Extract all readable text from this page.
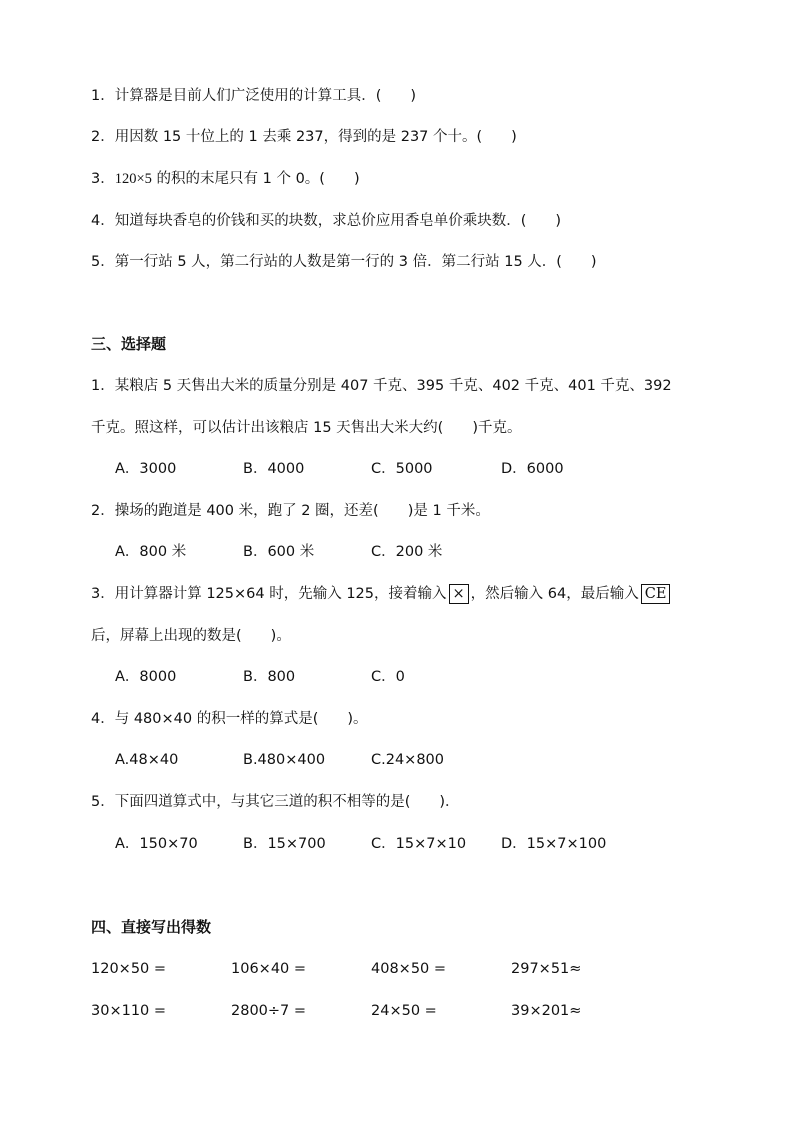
1．计算器是目前人们广泛使用的计算工具．(　　)
2．用因数 15 十位上的 1 去乘 237，得到的是 237 个十。(　　)
3．120×5 的积的末尾只有 1 个 0。(　　)
4．知道每块香皂的价钱和买的块数，求总价应用香皂单价乘块数．(　　)
5．第一行站 5 人，第二行站的人数是第一行的 3 倍．第二行站 15 人．(　　)
三、选择题
1．某粮店 5 天售出大米的质量分别是 407 千克、395 千克、402 千克、401 千克、392
千克。照这样，可以估计出该粮店 15 天售出大米大约(　　)千克。
A．3000	B．4000	C．5000	D．6000
2．操场的跑道是 400 米，跑了 2 圈，还差(　　)是 1 千米。
A．800 米	B．600 米	C．200 米
3．用计算器计算 125×64 时，先输入 125，接着输入 × ，然后输入 64，最后输入 CE
后，屏幕上出现的数是(　　)。
A．8000	B．800	C．0
4．与 480×40 的积一样的算式是(　　)。
A.48×40	B.480×400	C.24×800
5．下面四道算式中，与其它三道的积不相等的是(　　)．
A．150×70	B．15×700	C．15×7×10 D．15×7×100
四、直接写出得数
120×50 =	106×40 =	408×50 =	297×51≈
30×110 =	2800÷7 =	24×50 =	39×201≈
